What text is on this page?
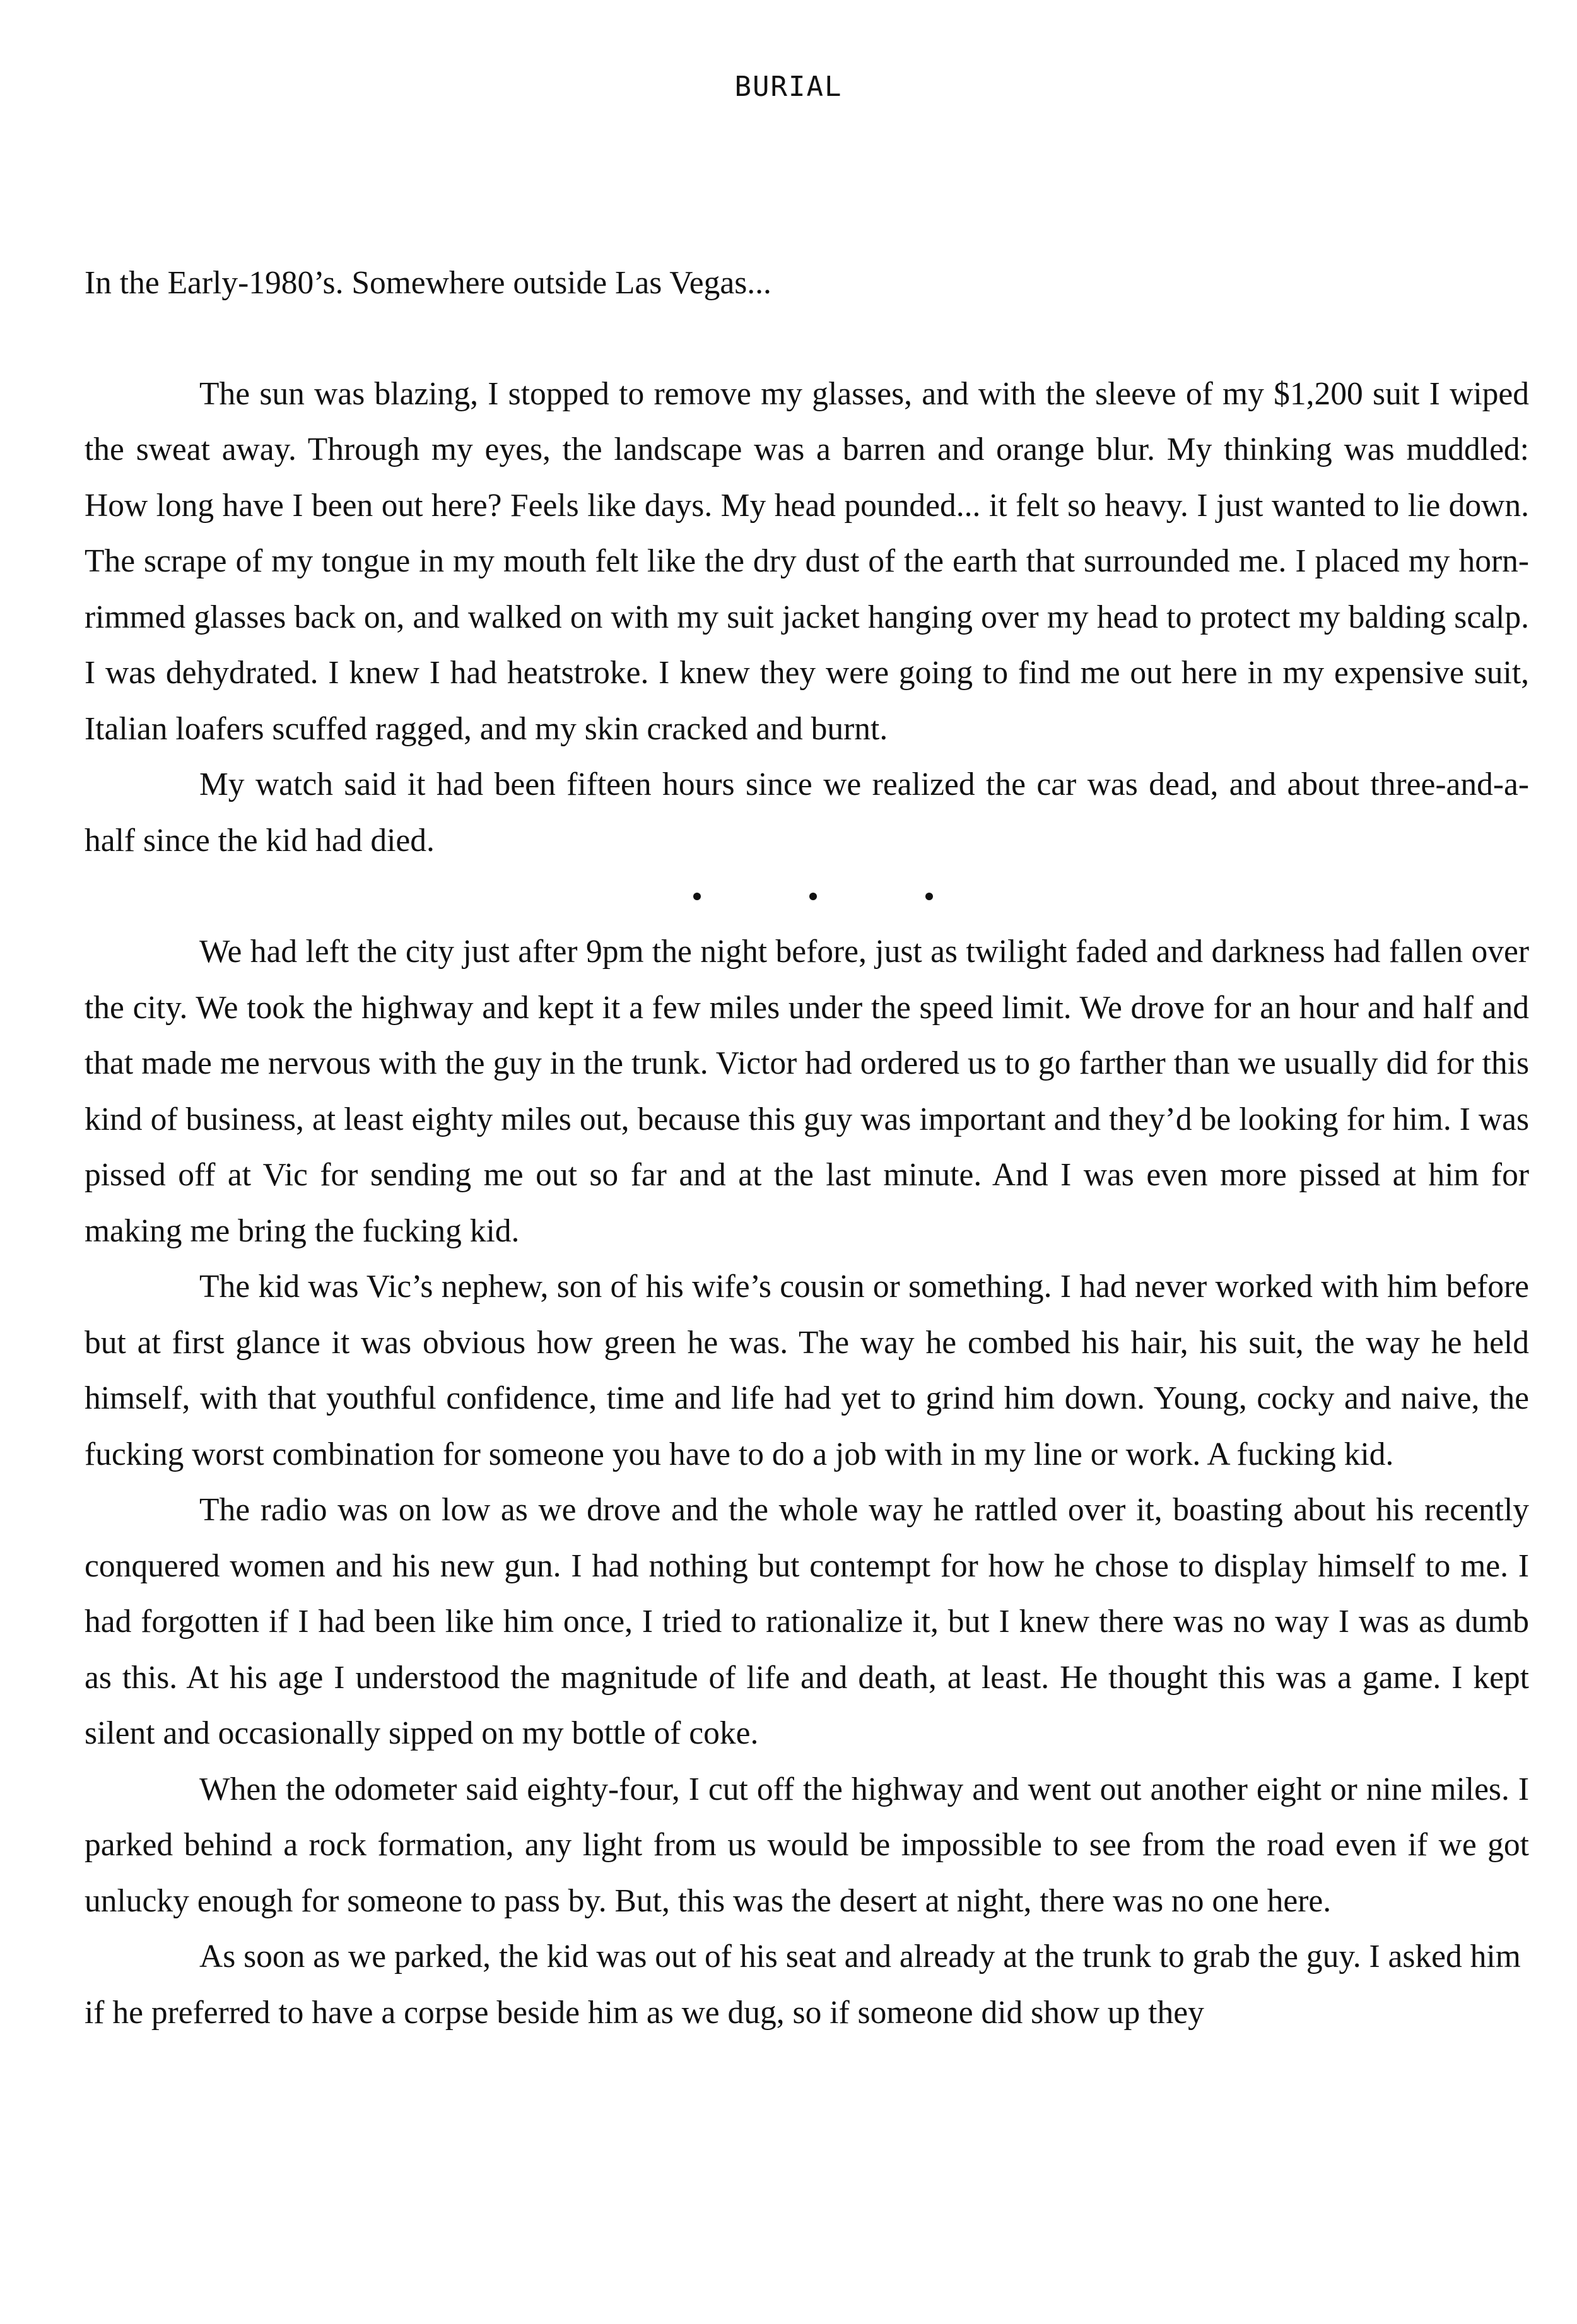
BURIAL

In the Early-1980’s. Somewhere outside Las Vegas...

The sun was blazing, I stopped to remove my glasses, and with the sleeve of my $1,200 suit I wiped the sweat away. Through my eyes, the landscape was a barren and orange blur. My thinking was muddled: How long have I been out here? Feels like days. My head pounded... it felt so heavy. I just wanted to lie down. The scrape of my tongue in my mouth felt like the dry dust of the earth that surrounded me. I placed my horn-rimmed glasses back on, and walked on with my suit jacket hanging over my head to protect my balding scalp. I was dehydrated. I knew I had heatstroke. I knew they were going to find me out here in my expensive suit, Italian loafers scuffed ragged, and my skin cracked and burnt.

My watch said it had been fifteen hours since we realized the car was dead, and about three-and-a-half since the kid had died.

We had left the city just after 9pm the night before, just as twilight faded and darkness had fallen over the city. We took the highway and kept it a few miles under the speed limit. We drove for an hour and half and that made me nervous with the guy in the trunk. Victor had ordered us to go farther than we usually did for this kind of business, at least eighty miles out, because this guy was important and they’d be looking for him. I was pissed off at Vic for sending me out so far and at the last minute. And I was even more pissed at him for making me bring the fucking kid.

The kid was Vic’s nephew, son of his wife’s cousin or something. I had never worked with him before but at first glance it was obvious how green he was. The way he combed his hair, his suit, the way he held himself, with that youthful confidence, time and life had yet to grind him down. Young, cocky and naive, the fucking worst combination for someone you have to do a job with in my line or work. A fucking kid.

The radio was on low as we drove and the whole way he rattled over it, boasting about his recently conquered women and his new gun. I had nothing but contempt for how he chose to display himself to me. I had forgotten if I had been like him once, I tried to rationalize it, but I knew there was no way I was as dumb as this. At his age I understood the magnitude of life and death, at least. He thought this was a game. I kept silent and occasionally sipped on my bottle of coke.

When the odometer said eighty-four, I cut off the highway and went out another eight or nine miles. I parked behind a rock formation, any light from us would be impossible to see from the road even if we got unlucky enough for someone to pass by. But, this was the desert at night, there was no one here.

As soon as we parked, the kid was out of his seat and already at the trunk to grab the guy. I asked him if he preferred to have a corpse beside him as we dug, so if someone did show up they
